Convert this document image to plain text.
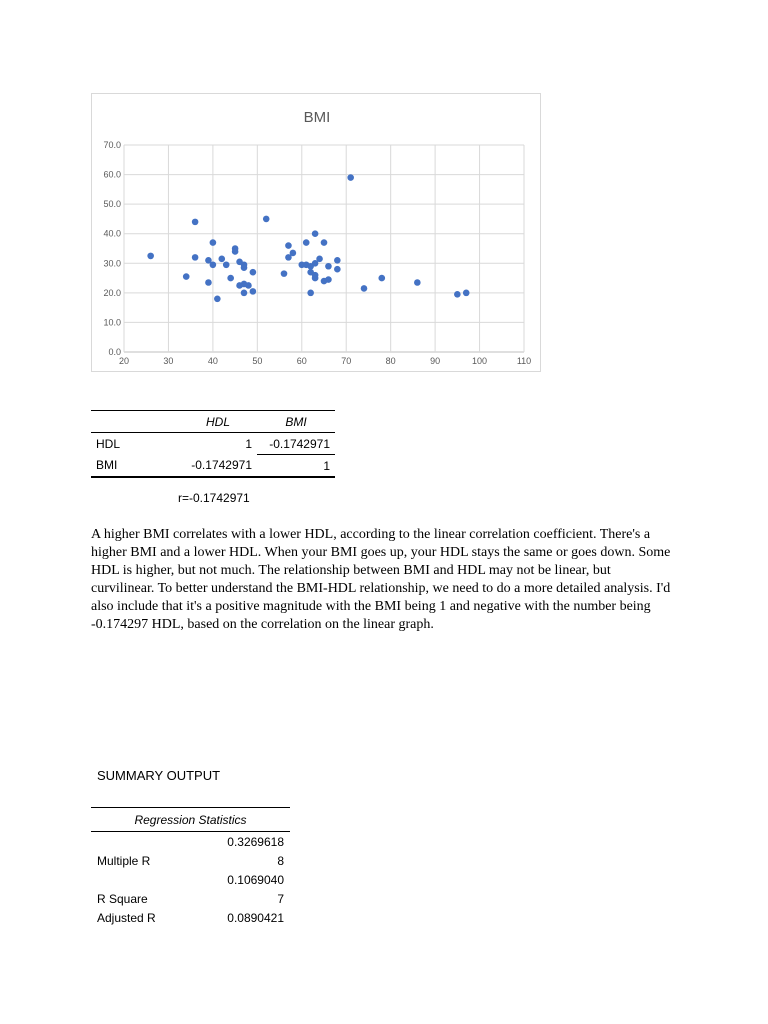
BMI
0.0
10.0
20.0
30.0
40.0
50.0
60.0
70.0
20	30	40	50	60	70	80	90	100	110
	HDL	BMI
HDL	1	-0.1742971
BMI	-0.1742971	1
r=-0.1742971

A higher BMI correlates with a lower HDL, according to the linear correlation coefficient. There's a higher BMI and a lower HDL. When your BMI goes up, your HDL stays the same or goes down. Some HDL is higher, but not much. The relationship between BMI and HDL may not be linear, but curvilinear. To better understand the BMI-HDL relationship, we need to do a more detailed analysis. I'd also include that it's a positive magnitude with the BMI being 1 and negative with the number being -0.174297 HDL, based on the correlation on the linear graph.

SUMMARY OUTPUT
Regression Statistics	
	0.3269618
Multiple R	8
	0.1069040
R Square	7
Adjusted R	0.0890421
